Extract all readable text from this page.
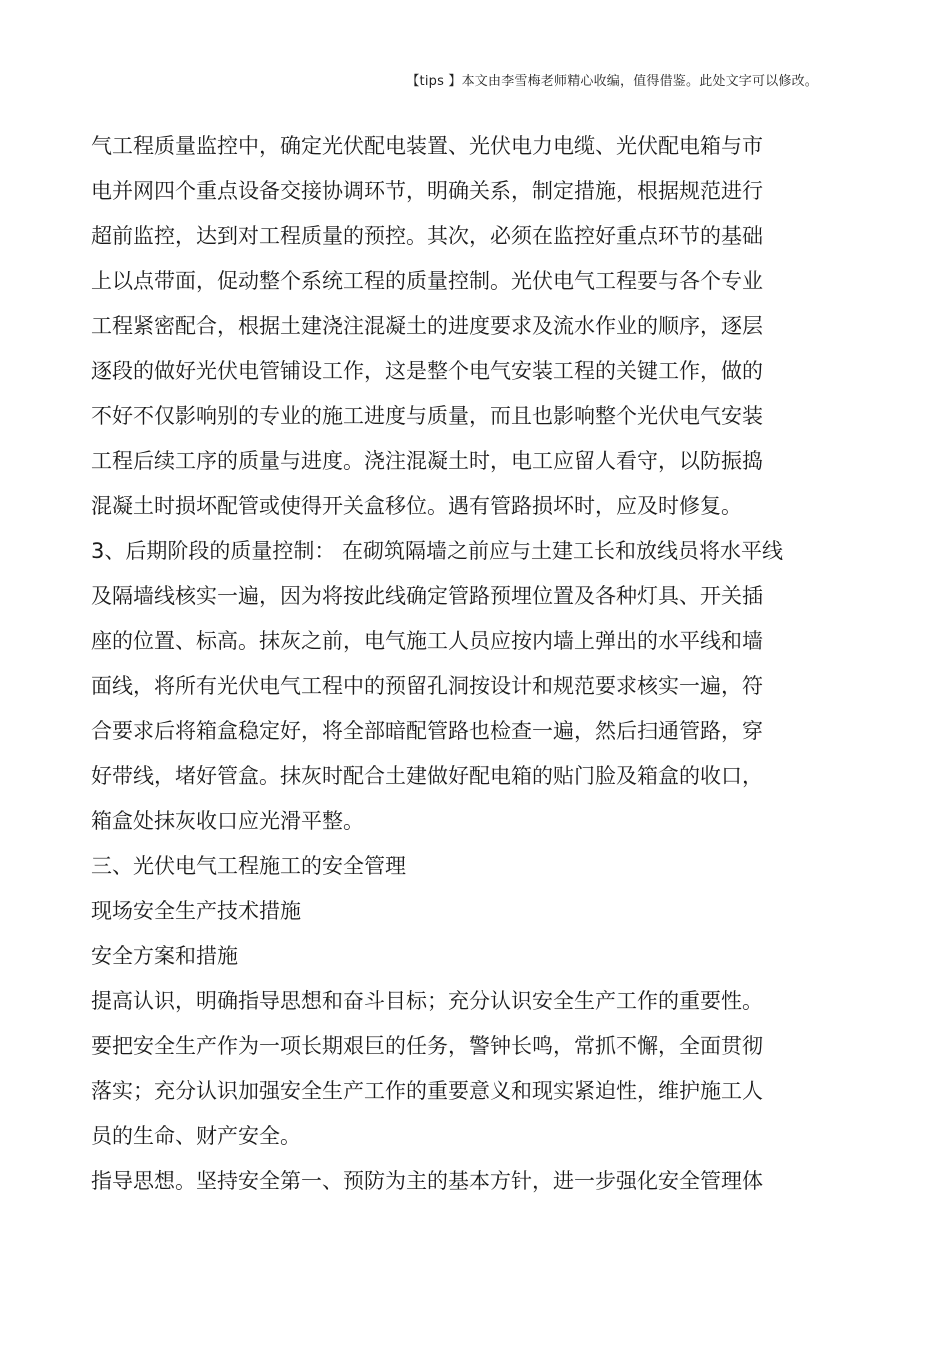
【tips 】本文由李雪梅老师精心收编，值得借鉴。此处文字可以修改。
气工程质量监控中，确定光伏配电装置、光伏电力电缆、光伏配电箱与市
电并网四个重点设备交接协调环节，明确关系，制定措施，根据规范进行
超前监控，达到对工程质量的预控。其次，必须在监控好重点环节的基础
上以点带面，促动整个系统工程的质量控制。光伏电气工程要与各个专业
工程紧密配合，根据土建浇注混凝土的进度要求及流水作业的顺序，逐层
逐段的做好光伏电管铺设工作，这是整个电气安装工程的关键工作，做的
不好不仅影响别的专业的施工进度与质量，而且也影响整个光伏电气安装
工程后续工序的质量与进度。浇注混凝土时，电工应留人看守，以防振捣
混凝土时损坏配管或使得开关盒移位。遇有管路损坏时，应及时修复。
3、后期阶段的质量控制： 在砌筑隔墙之前应与土建工长和放线员将水平线
及隔墙线核实一遍，因为将按此线确定管路预埋位置及各种灯具、开关插
座的位置、标高。抹灰之前，电气施工人员应按内墙上弹出的水平线和墙
面线，将所有光伏电气工程中的预留孔洞按设计和规范要求核实一遍，符
合要求后将箱盒稳定好，将全部暗配管路也检查一遍，然后扫通管路，穿
好带线，堵好管盒。抹灰时配合土建做好配电箱的贴门脸及箱盒的收口，
箱盒处抹灰收口应光滑平整。
三、光伏电气工程施工的安全管理
现场安全生产技术措施
安全方案和措施
提高认识，明确指导思想和奋斗目标；充分认识安全生产工作的重要性。
要把安全生产作为一项长期艰巨的任务，警钟长鸣，常抓不懈，全面贯彻
落实；充分认识加强安全生产工作的重要意义和现实紧迫性，维护施工人
员的生命、财产安全。
指导思想。坚持安全第一、预防为主的基本方针，进一步强化安全管理体
